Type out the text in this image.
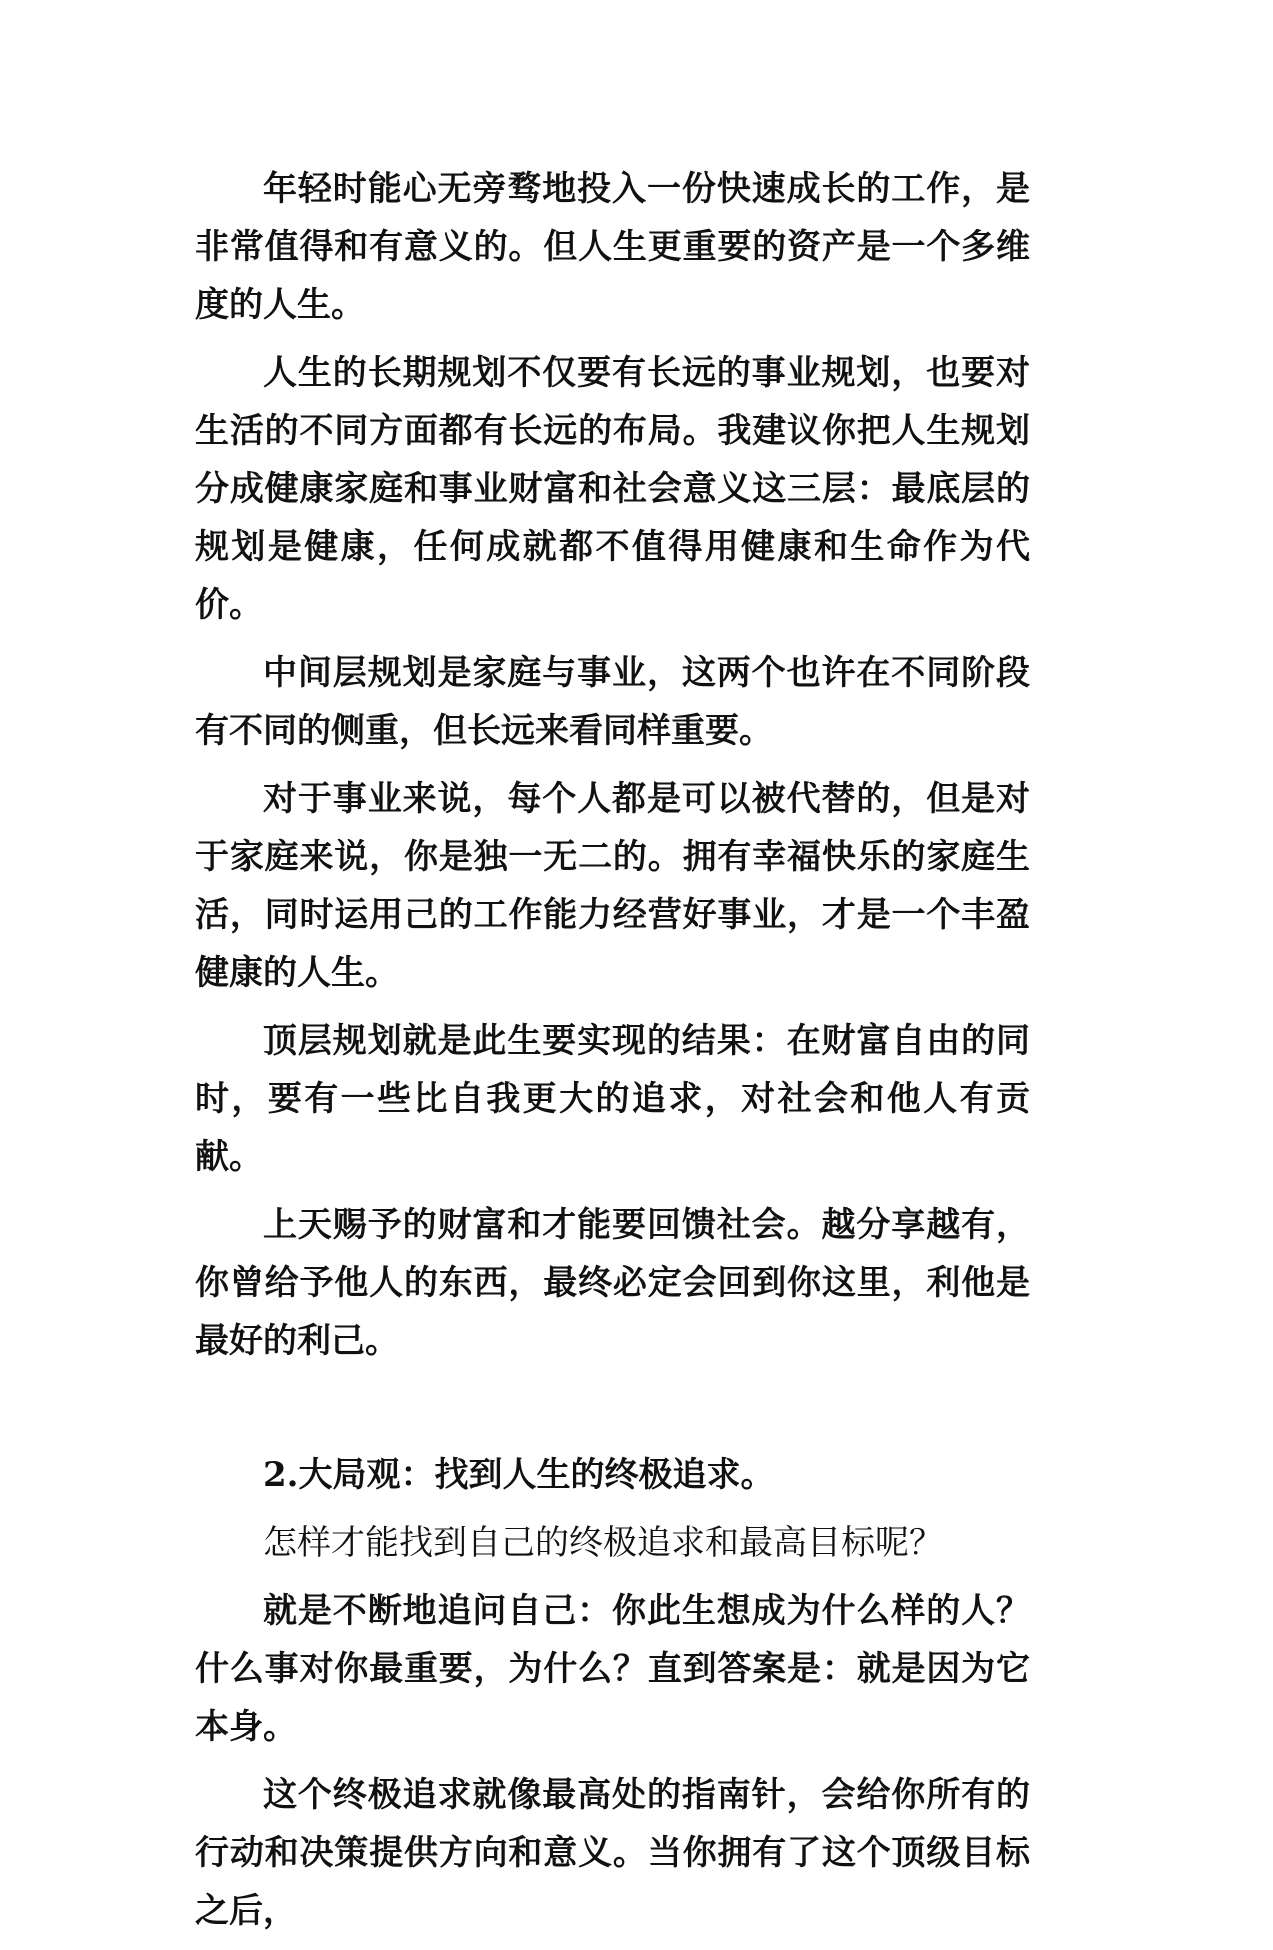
年轻时能心无旁骛地投入一份快速成长的工作，是非常值得和有意义的。但人生更重要的资产是一个多维度的人生。

人生的长期规划不仅要有长远的事业规划，也要对生活的不同方面都有长远的布局。我建议你把人生规划分成健康家庭和事业财富和社会意义这三层：最底层的规划是健康，任何成就都不值得用健康和生命作为代价。

中间层规划是家庭与事业，这两个也许在不同阶段有不同的侧重，但长远来看同样重要。

对于事业来说，每个人都是可以被代替的，但是对于家庭来说，你是独一无二的。拥有幸福快乐的家庭生活，同时运用己的工作能力经营好事业，才是一个丰盈健康的人生。

顶层规划就是此生要实现的结果：在财富自由的同时，要有一些比自我更大的追求，对社会和他人有贡献。

上天赐予的财富和才能要回馈社会。越分享越有，你曾给予他人的东西，最终必定会回到你这里，利他是最好的利己。

2.大局观：找到人生的终极追求。

怎样才能找到自己的终极追求和最高目标呢？

就是不断地追问自己：你此生想成为什么样的人？什么事对你最重要，为什么？直到答案是：就是因为它本身。

这个终极追求就像最高处的指南针，会给你所有的行动和决策提供方向和意义。当你拥有了这个顶级目标之后，
